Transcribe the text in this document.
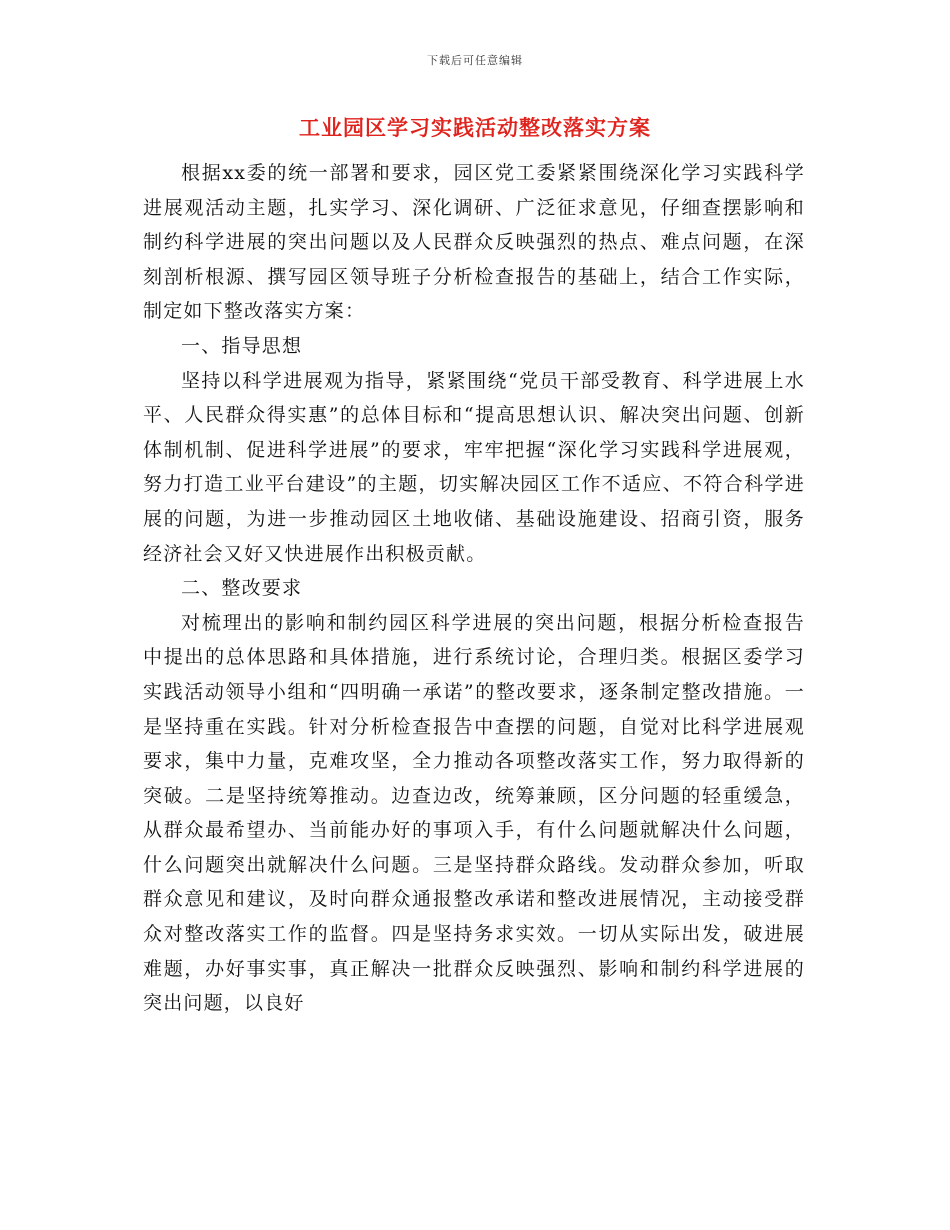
下载后可任意编辑
工业园区学习实践活动整改落实方案

根据xx委的统一部署和要求，园区党工委紧紧围绕深化学习实践科学进展观活动主题，扎实学习、深化调研、广泛征求意见，仔细查摆影响和制约科学进展的突出问题以及人民群众反映强烈的热点、难点问题，在深刻剖析根源、撰写园区领导班子分析检查报告的基础上，结合工作实际，制定如下整改落实方案：

一、指导思想

坚持以科学进展观为指导，紧紧围绕“党员干部受教育、科学进展上水平、人民群众得实惠”的总体目标和“提高思想认识、解决突出问题、创新体制机制、促进科学进展”的要求，牢牢把握“深化学习实践科学进展观，努力打造工业平台建设”的主题，切实解决园区工作不适应、不符合科学进展的问题，为进一步推动园区土地收储、基础设施建设、招商引资，服务经济社会又好又快进展作出积极贡献。

二、整改要求

对梳理出的影响和制约园区科学进展的突出问题，根据分析检查报告中提出的总体思路和具体措施，进行系统讨论，合理归类。根据区委学习实践活动领导小组和“四明确一承诺”的整改要求，逐条制定整改措施。一是坚持重在实践。针对分析检查报告中查摆的问题，自觉对比科学进展观要求，集中力量，克难攻坚，全力推动各项整改落实工作，努力取得新的突破。二是坚持统筹推动。边查边改，统筹兼顾，区分问题的轻重缓急，从群众最希望办、当前能办好的事项入手，有什么问题就解决什么问题，什么问题突出就解决什么问题。三是坚持群众路线。发动群众参加，听取群众意见和建议，及时向群众通报整改承诺和整改进展情况，主动接受群众对整改落实工作的监督。四是坚持务求实效。一切从实际出发，破进展难题，办好事实事，真正解决一批群众反映强烈、影响和制约科学进展的突出问题，以良好
